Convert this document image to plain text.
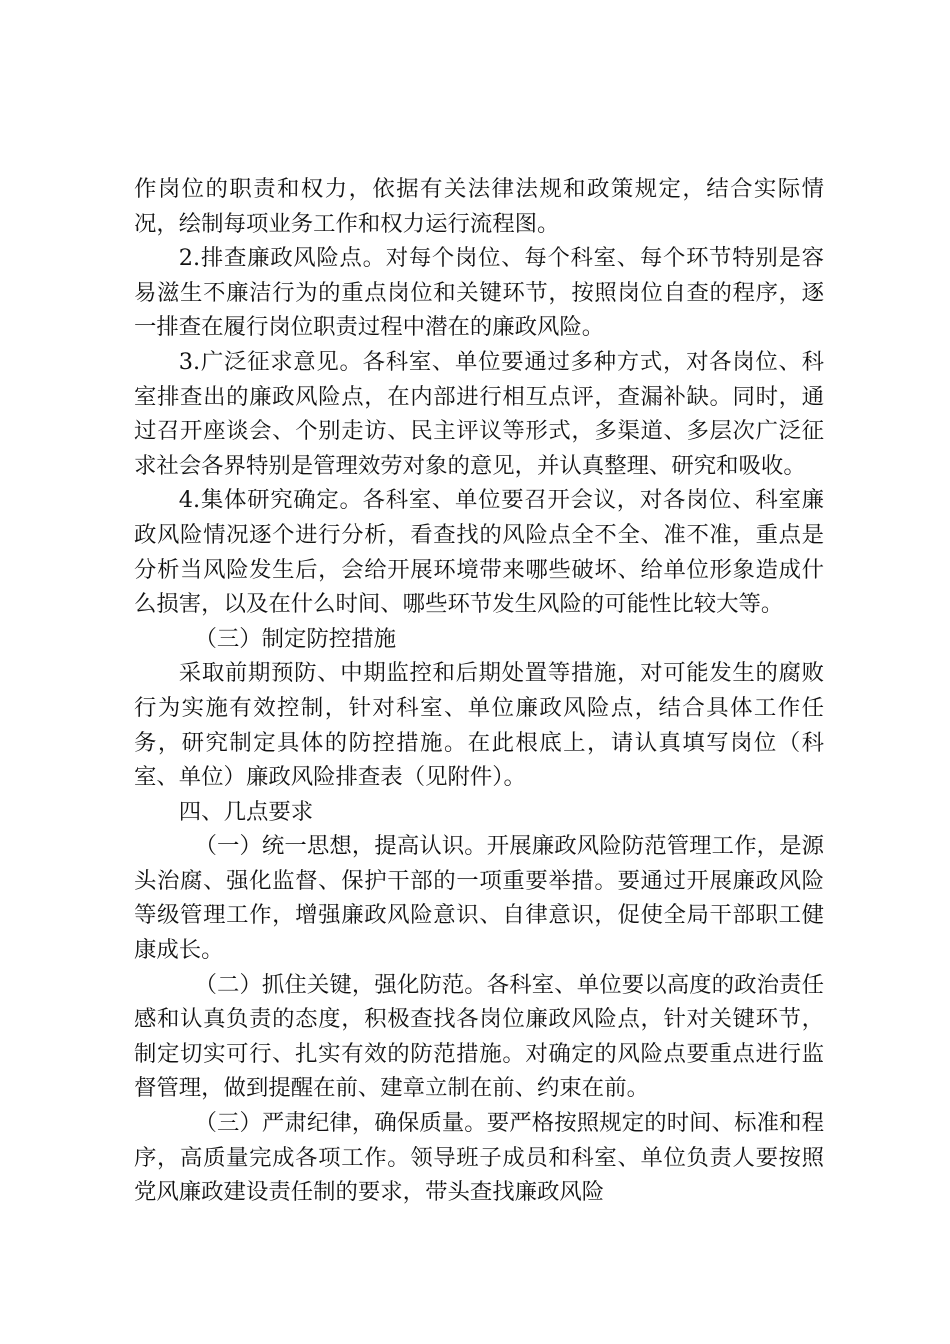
作岗位的职责和权力，依据有关法律法规和政策规定，结合实际情况，绘制每项业务工作和权力运行流程图。

2.排查廉政风险点。对每个岗位、每个科室、每个环节特别是容易滋生不廉洁行为的重点岗位和关键环节，按照岗位自查的程序，逐一排查在履行岗位职责过程中潜在的廉政风险。

3.广泛征求意见。各科室、单位要通过多种方式，对各岗位、科室排查出的廉政风险点，在内部进行相互点评，查漏补缺。同时，通过召开座谈会、个别走访、民主评议等形式，多渠道、多层次广泛征求社会各界特别是管理效劳对象的意见，并认真整理、研究和吸收。

4.集体研究确定。各科室、单位要召开会议，对各岗位、科室廉政风险情况逐个进行分析，看查找的风险点全不全、准不准，重点是分析当风险发生后，会给开展环境带来哪些破坏、给单位形象造成什么损害，以及在什么时间、哪些环节发生风险的可能性比较大等。

（三）制定防控措施

采取前期预防、中期监控和后期处置等措施，对可能发生的腐败行为实施有效控制，针对科室、单位廉政风险点，结合具体工作任务，研究制定具体的防控措施。在此根底上，请认真填写岗位（科室、单位）廉政风险排查表（见附件）。

四、几点要求

（一）统一思想，提高认识。开展廉政风险防范管理工作，是源头治腐、强化监督、保护干部的一项重要举措。要通过开展廉政风险等级管理工作，增强廉政风险意识、自律意识，促使全局干部职工健康成长。

（二）抓住关键，强化防范。各科室、单位要以高度的政治责任感和认真负责的态度，积极查找各岗位廉政风险点，针对关键环节，制定切实可行、扎实有效的防范措施。对确定的风险点要重点进行监督管理，做到提醒在前、建章立制在前、约束在前。

（三）严肃纪律，确保质量。要严格按照规定的时间、标准和程序，高质量完成各项工作。领导班子成员和科室、单位负责人要按照党风廉政建设责任制的要求，带头查找廉政风险
